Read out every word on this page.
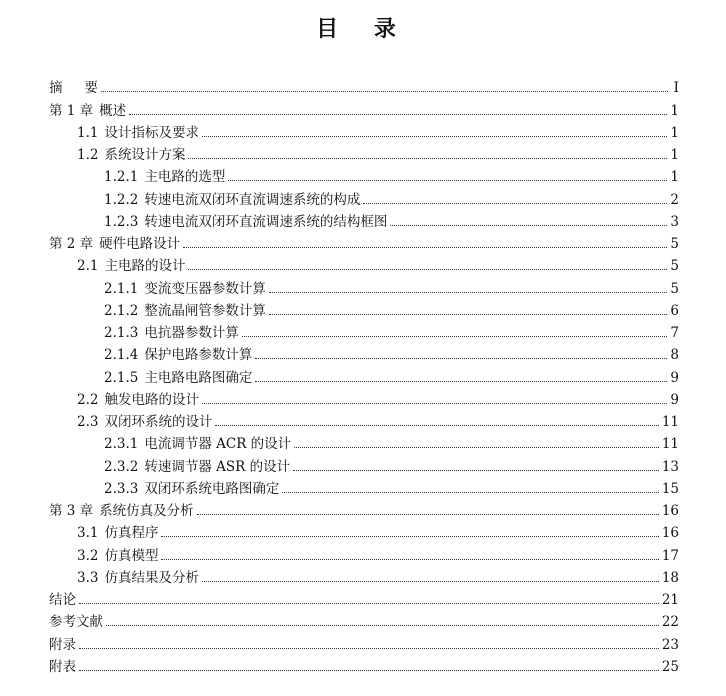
目 录
摘 要	I
第 1 章 概述	1
1.1 设计指标及要求	1
1.2 系统设计方案	1
1.2.1 主电路的选型	1
1.2.2 转速电流双闭环直流调速系统的构成	2
1.2.3 转速电流双闭环直流调速系统的结构框图	3
第 2 章 硬件电路设计	5
2.1 主电路的设计	5
2.1.1 变流变压器参数计算	5
2.1.2 整流晶闸管参数计算	6
2.1.3 电抗器参数计算	7
2.1.4 保护电路参数计算	8
2.1.5 主电路电路图确定	9
2.2 触发电路的设计	9
2.3 双闭环系统的设计	11
2.3.1 电流调节器 ACR 的设计	11
2.3.2 转速调节器 ASR 的设计	13
2.3.3 双闭环系统电路图确定	15
第 3 章 系统仿真及分析	16
3.1 仿真程序	16
3.2 仿真模型	17
3.3 仿真结果及分析	18
结论	21
参考文献	22
附录	23
附表	25
